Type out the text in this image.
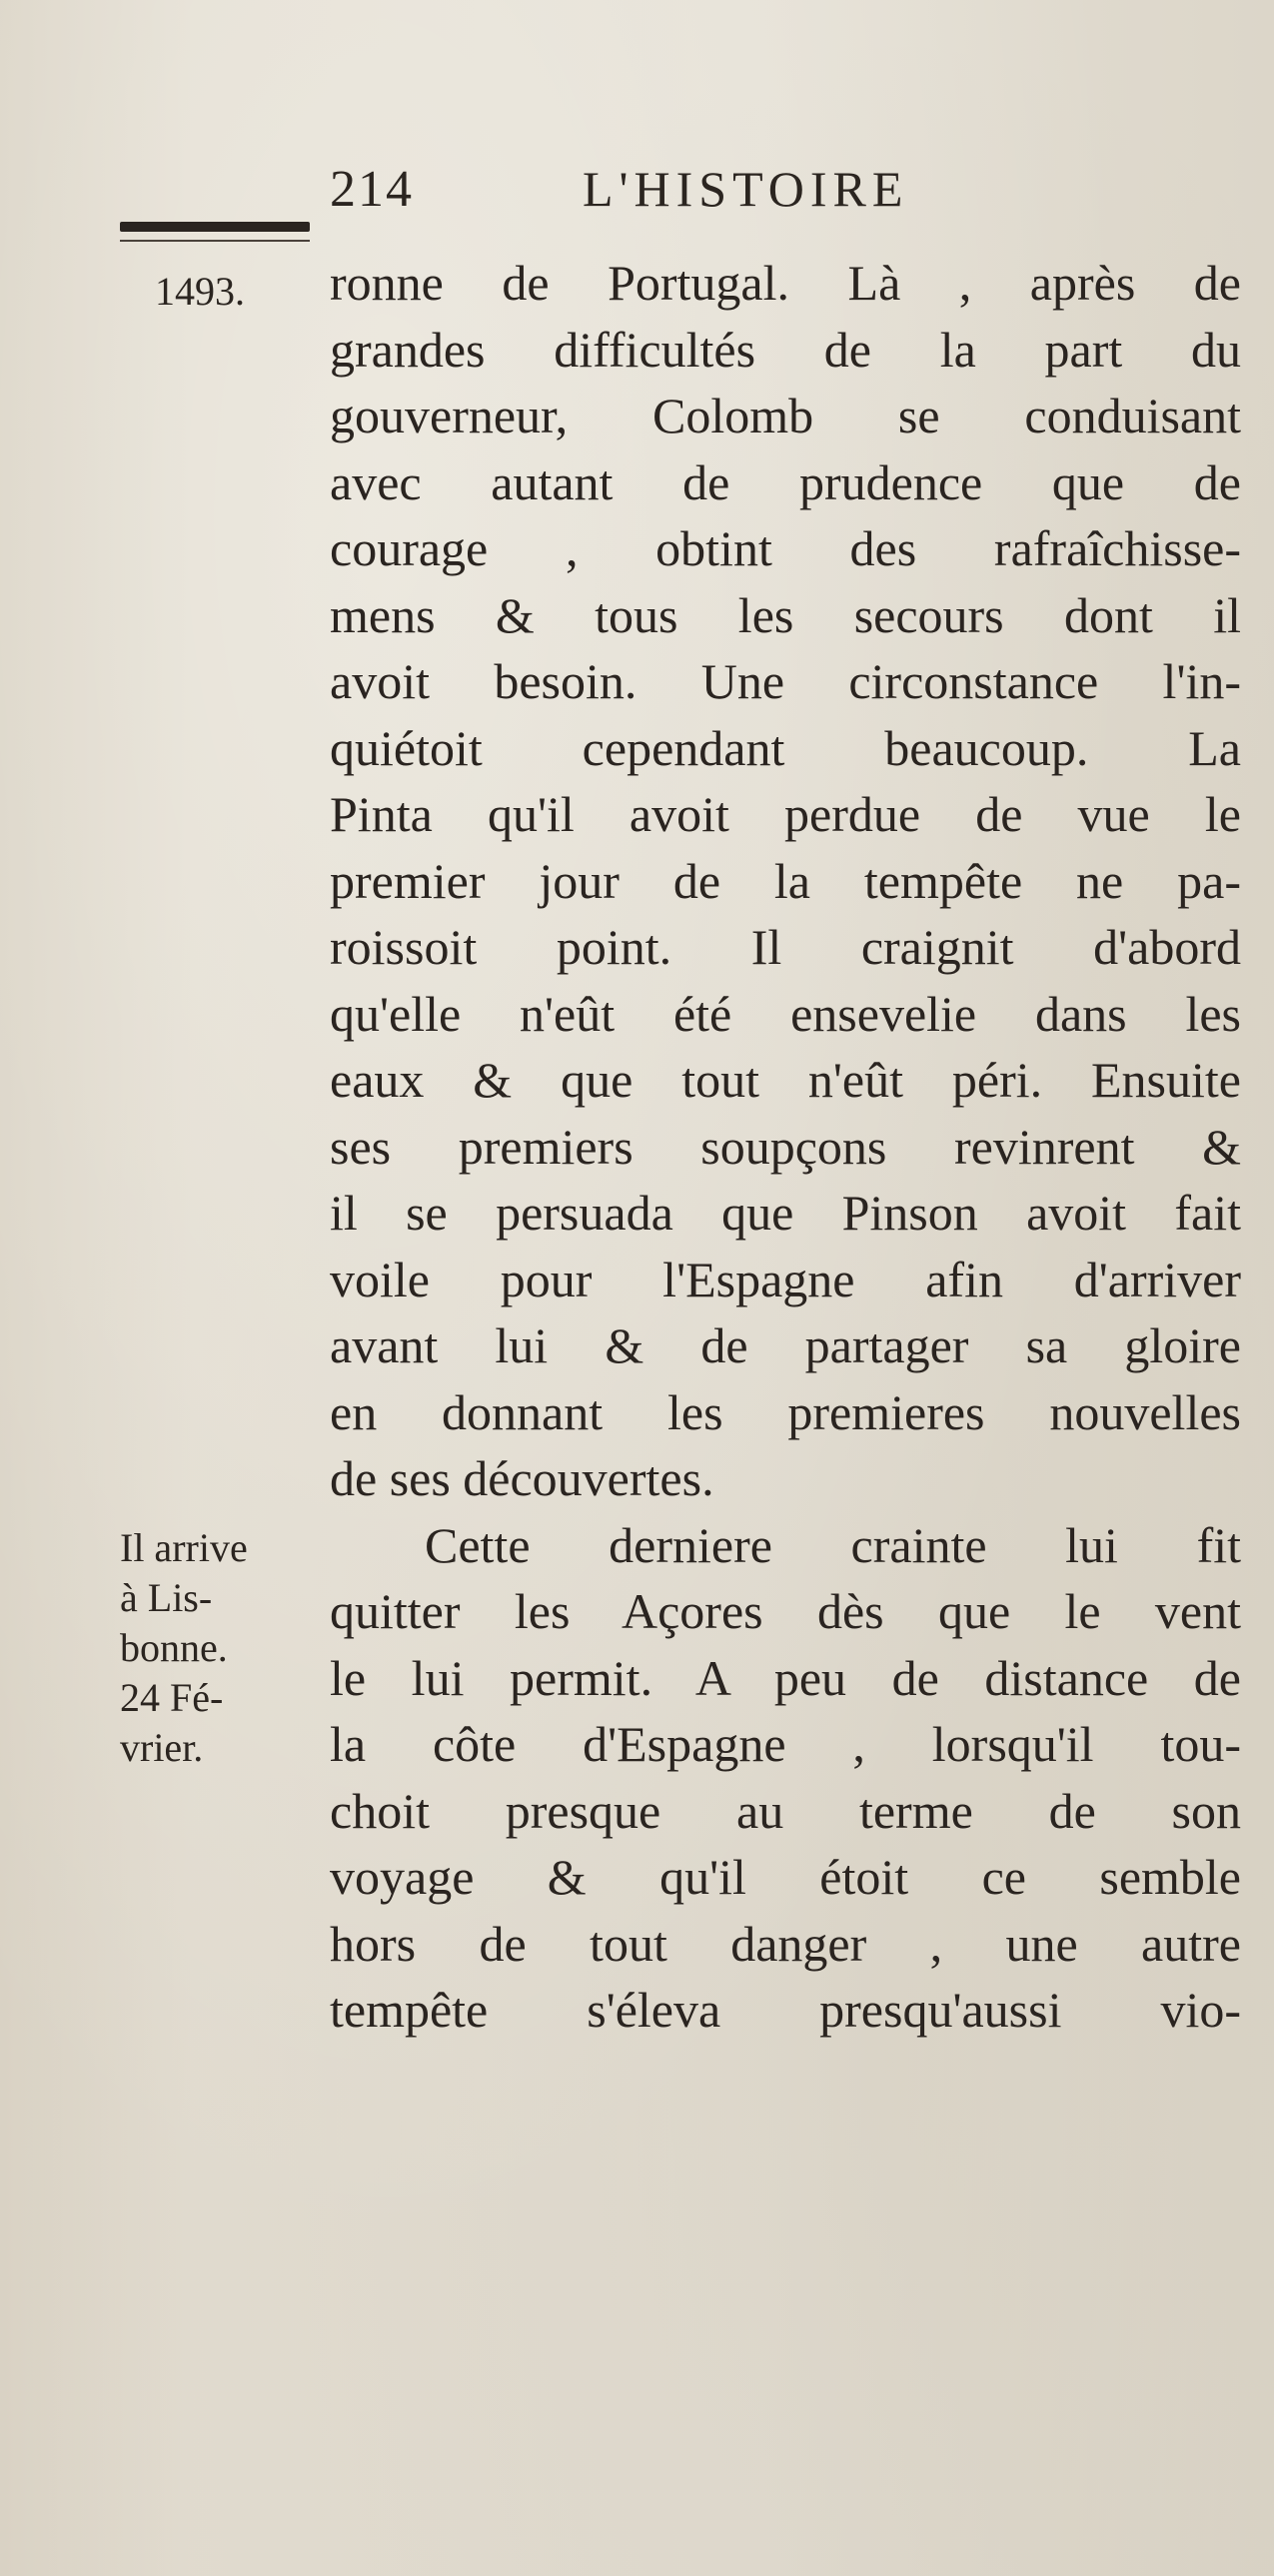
214	L'HISTOIRE
1493.
Il arrive
à Lis-
bonne.
24 Fé-
vrier.
ronne de Portugal. Là , après de
grandes difficultés de la part du
gouverneur, Colomb se conduisant
avec autant de prudence que de
courage , obtint des rafraîchisse-
mens & tous les secours dont il
avoit besoin. Une circonstance l'in-
quiétoit cependant beaucoup. La
Pinta qu'il avoit perdue de vue le
premier jour de la tempête ne pa-
roissoit point. Il craignit d'abord
qu'elle n'eût été ensevelie dans les
eaux & que tout n'eût péri. Ensuite
ses premiers soupçons revinrent &
il se persuada que Pinson avoit fait
voile pour l'Espagne afin d'arriver
avant lui & de partager sa gloire
en donnant les premieres nouvelles
de ses découvertes.
Cette derniere crainte lui fit
quitter les Açores dès que le vent
le lui permit. A peu de distance de
la côte d'Espagne , lorsqu'il tou-
choit presque au terme de son
voyage & qu'il étoit ce semble
hors de tout danger , une autre
tempête s'éleva presqu'aussi vio-
